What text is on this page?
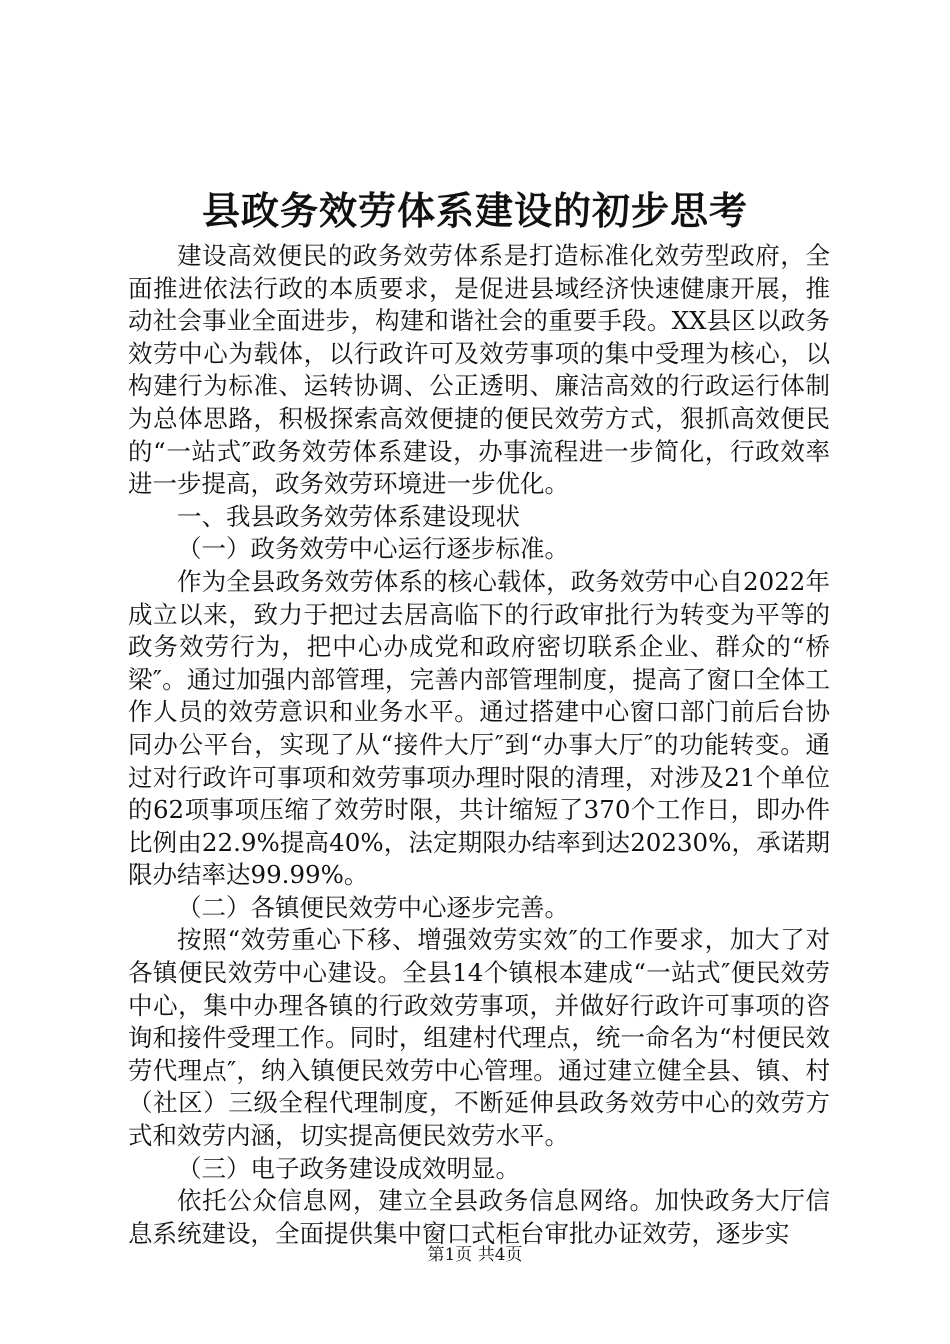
县政务效劳体系建设的初步思考

建设高效便民的政务效劳体系是打造标准化效劳型政府，全面推进依法行政的本质要求，是促进县域经济快速健康开展，推动社会事业全面进步，构建和谐社会的重要手段。XX县区以政务效劳中心为载体，以行政许可及效劳事项的集中受理为核心，以构建行为标准、运转协调、公正透明、廉洁高效的行政运行体制为总体思路，积极探索高效便捷的便民效劳方式，狠抓高效便民的“一站式″政务效劳体系建设，办事流程进一步简化，行政效率进一步提高，政务效劳环境进一步优化。

一、我县政务效劳体系建设现状

（一）政务效劳中心运行逐步标准。

作为全县政务效劳体系的核心载体，政务效劳中心自2022年成立以来，致力于把过去居高临下的行政审批行为转变为平等的政务效劳行为，把中心办成党和政府密切联系企业、群众的“桥梁″。通过加强内部管理，完善内部管理制度，提高了窗口全体工作人员的效劳意识和业务水平。通过搭建中心窗口部门前后台协同办公平台，实现了从“接件大厅″到“办事大厅″的功能转变。通过对行政许可事项和效劳事项办理时限的清理，对涉及21个单位的62项事项压缩了效劳时限，共计缩短了370个工作日，即办件比例由22.9%提高40%，法定期限办结率到达20230%，承诺期限办结率达99.99%。

（二）各镇便民效劳中心逐步完善。

按照“效劳重心下移、增强效劳实效″的工作要求，加大了对各镇便民效劳中心建设。全县14个镇根本建成“一站式″便民效劳中心，集中办理各镇的行政效劳事项，并做好行政许可事项的咨询和接件受理工作。同时，组建村代理点，统一命名为“村便民效劳代理点″，纳入镇便民效劳中心管理。通过建立健全县、镇、村（社区）三级全程代理制度，不断延伸县政务效劳中心的效劳方式和效劳内涵，切实提高便民效劳水平。

（三）电子政务建设成效明显。

依托公众信息网，建立全县政务信息网络。加快政务大厅信息系统建设，全面提供集中窗口式柜台审批办证效劳，逐步实

第1页 共4页
